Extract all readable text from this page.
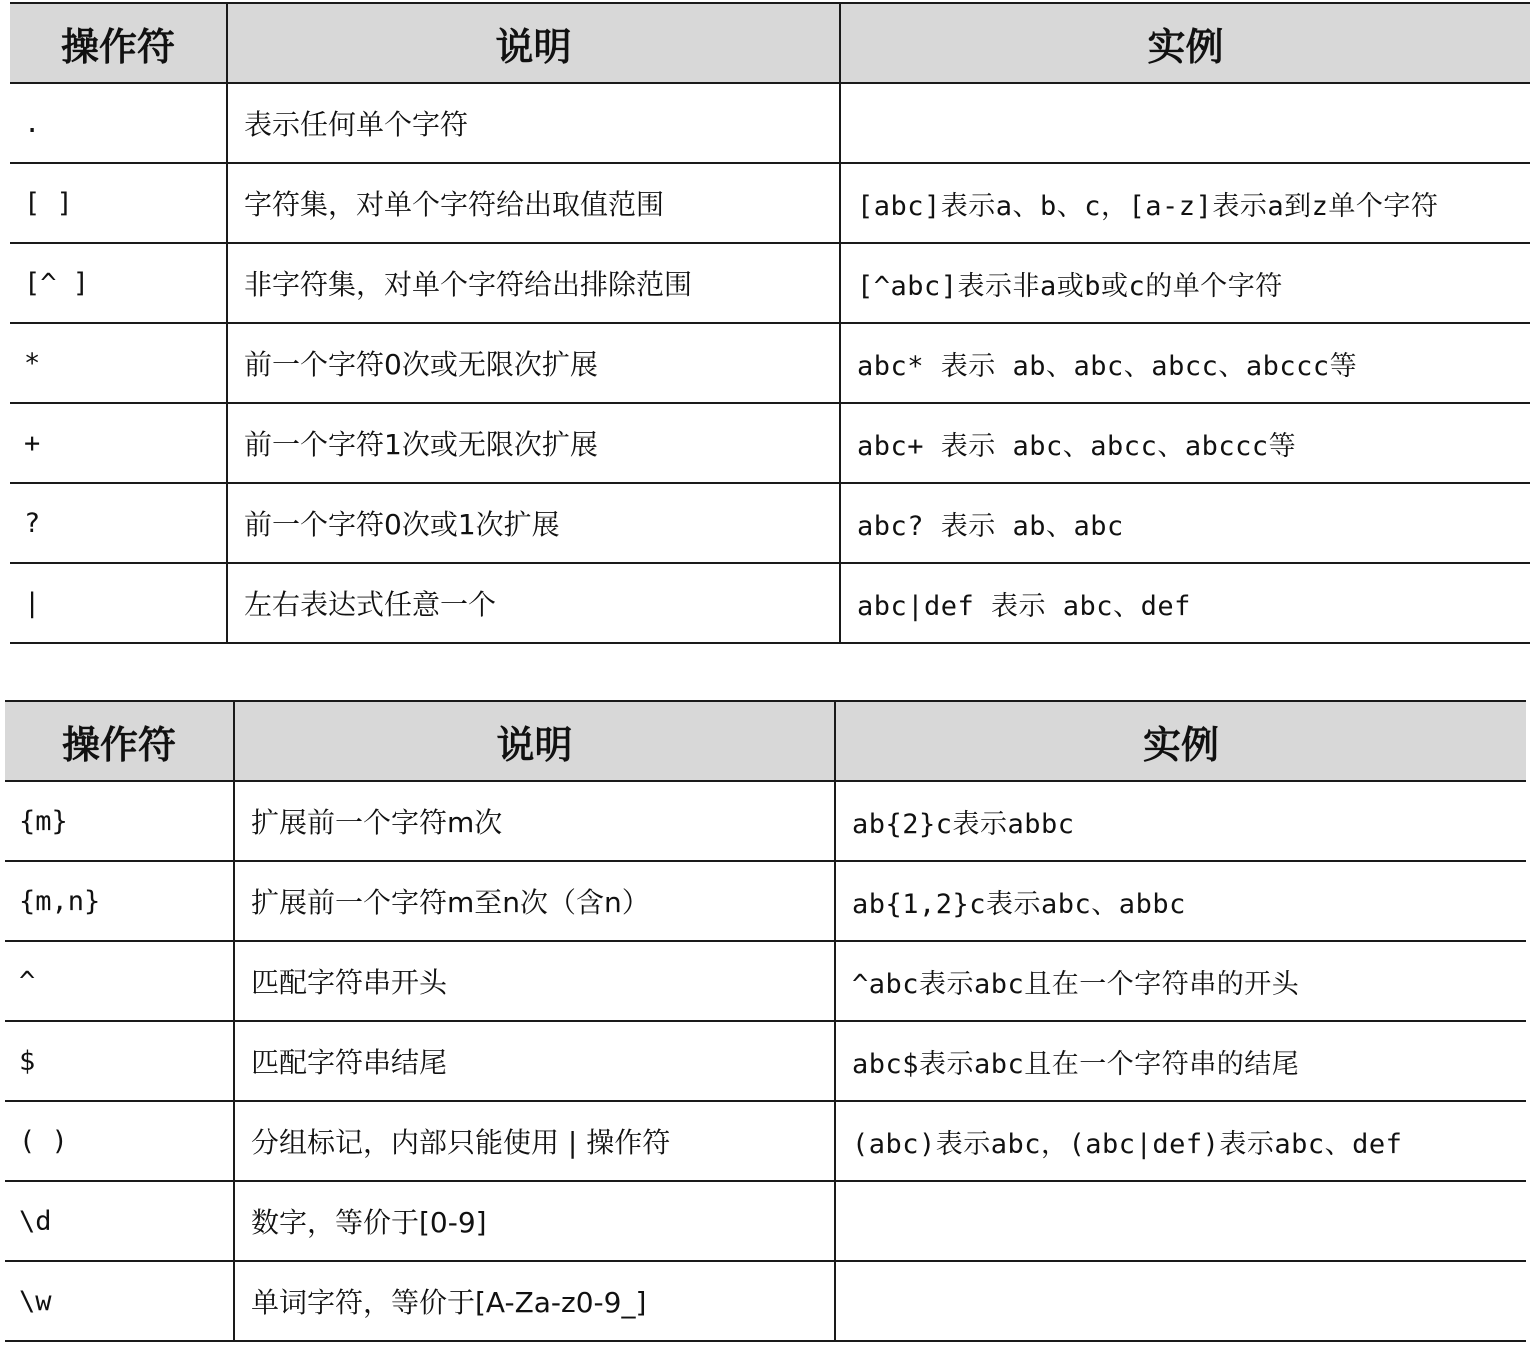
操作符	说明	实例
.	表示任何单个字符	
[ ]	字符集，对单个字符给出取值范围	[abc]表示a、b、c，[a-z]表示a到z单个字符
[^ ]	非字符集，对单个字符给出排除范围	[^abc]表示非a或b或c的单个字符
*	前一个字符0次或无限次扩展	abc* 表示 ab、abc、abcc、abccc等
+	前一个字符1次或无限次扩展	abc+ 表示 abc、abcc、abccc等
?	前一个字符0次或1次扩展	abc? 表示 ab、abc
|	左右表达式任意一个	abc|def 表示 abc、def
操作符	说明	实例
{m}	扩展前一个字符m次	ab{2}c表示abbc
{m,n}	扩展前一个字符m至n次（含n）	ab{1,2}c表示abc、abbc
^	匹配字符串开头	^abc表示abc且在一个字符串的开头
$	匹配字符串结尾	abc$表示abc且在一个字符串的结尾
( )	分组标记，内部只能使用 | 操作符	(abc)表示abc，(abc|def)表示abc、def
\d	数字，等价于[0-9]	
\w	单词字符，等价于[A-Za-z0-9_]	
